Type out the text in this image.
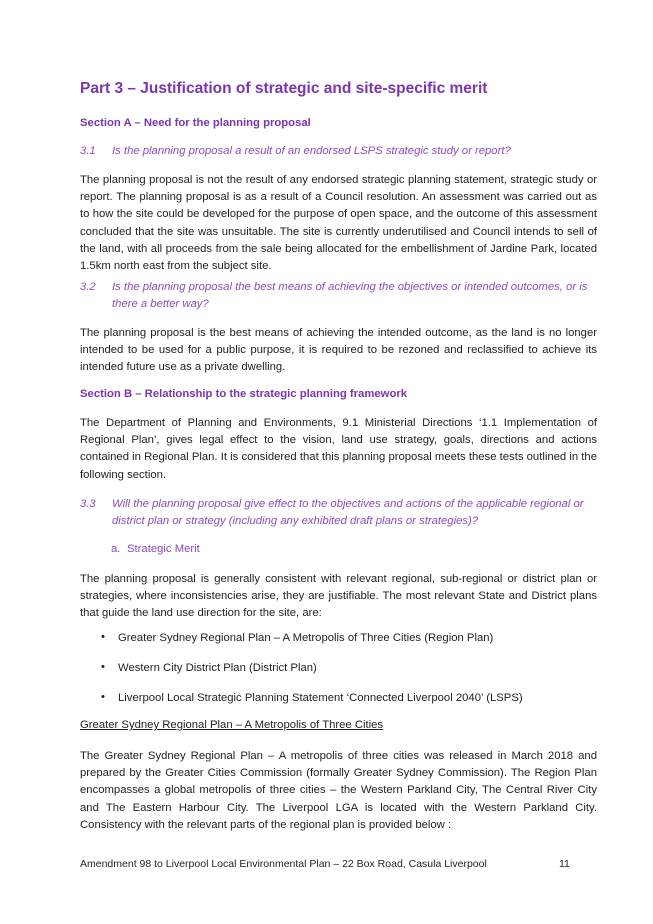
Part 3 – Justification of strategic and site-specific merit
Section A – Need for the planning proposal
3.1 Is the planning proposal a result of an endorsed LSPS strategic study or report?

The planning proposal is not the result of any endorsed strategic planning statement, strategic study or report. The planning proposal is as a result of a Council resolution. An assessment was carried out as to how the site could be developed for the purpose of open space, and the outcome of this assessment concluded that the site was unsuitable. The site is currently underutilised and Council intends to sell of the land, with all proceeds from the sale being allocated for the embellishment of Jardine Park, located 1.5km north east from the subject site.

3.2 Is the planning proposal the best means of achieving the objectives or intended outcomes, or is there a better way?

The planning proposal is the best means of achieving the intended outcome, as the land is no longer intended to be used for a public purpose, it is required to be rezoned and reclassified to achieve its intended future use as a private dwelling.

Section B – Relationship to the strategic planning framework

The Department of Planning and Environments, 9.1 Ministerial Directions ‘1.1 Implementation of Regional Plan’, gives legal effect to the vision, land use strategy, goals, directions and actions contained in Regional Plan. It is considered that this planning proposal meets these tests outlined in the following section.

3.3 Will the planning proposal give effect to the objectives and actions of the applicable regional or district plan or strategy (including any exhibited draft plans or strategies)?
a. Strategic Merit

The planning proposal is generally consistent with relevant regional, sub-regional or district plan or strategies, where inconsistencies arise, they are justifiable. The most relevant State and District plans that guide the land use direction for the site, are:

• Greater Sydney Regional Plan – A Metropolis of Three Cities (Region Plan)
• Western City District Plan (District Plan)
• Liverpool Local Strategic Planning Statement ‘Connected Liverpool 2040’ (LSPS)
Greater Sydney Regional Plan – A Metropolis of Three Cities

The Greater Sydney Regional Plan – A metropolis of three cities was released in March 2018 and prepared by the Greater Cities Commission (formally Greater Sydney Commission). The Region Plan encompasses a global metropolis of three cities – the Western Parkland City, The Central River City and The Eastern Harbour City. The Liverpool LGA is located with the Western Parkland City. Consistency with the relevant parts of the regional plan is provided below :

Amendment 98 to Liverpool Local Environmental Plan – 22 Box Road, Casula Liverpool	11
